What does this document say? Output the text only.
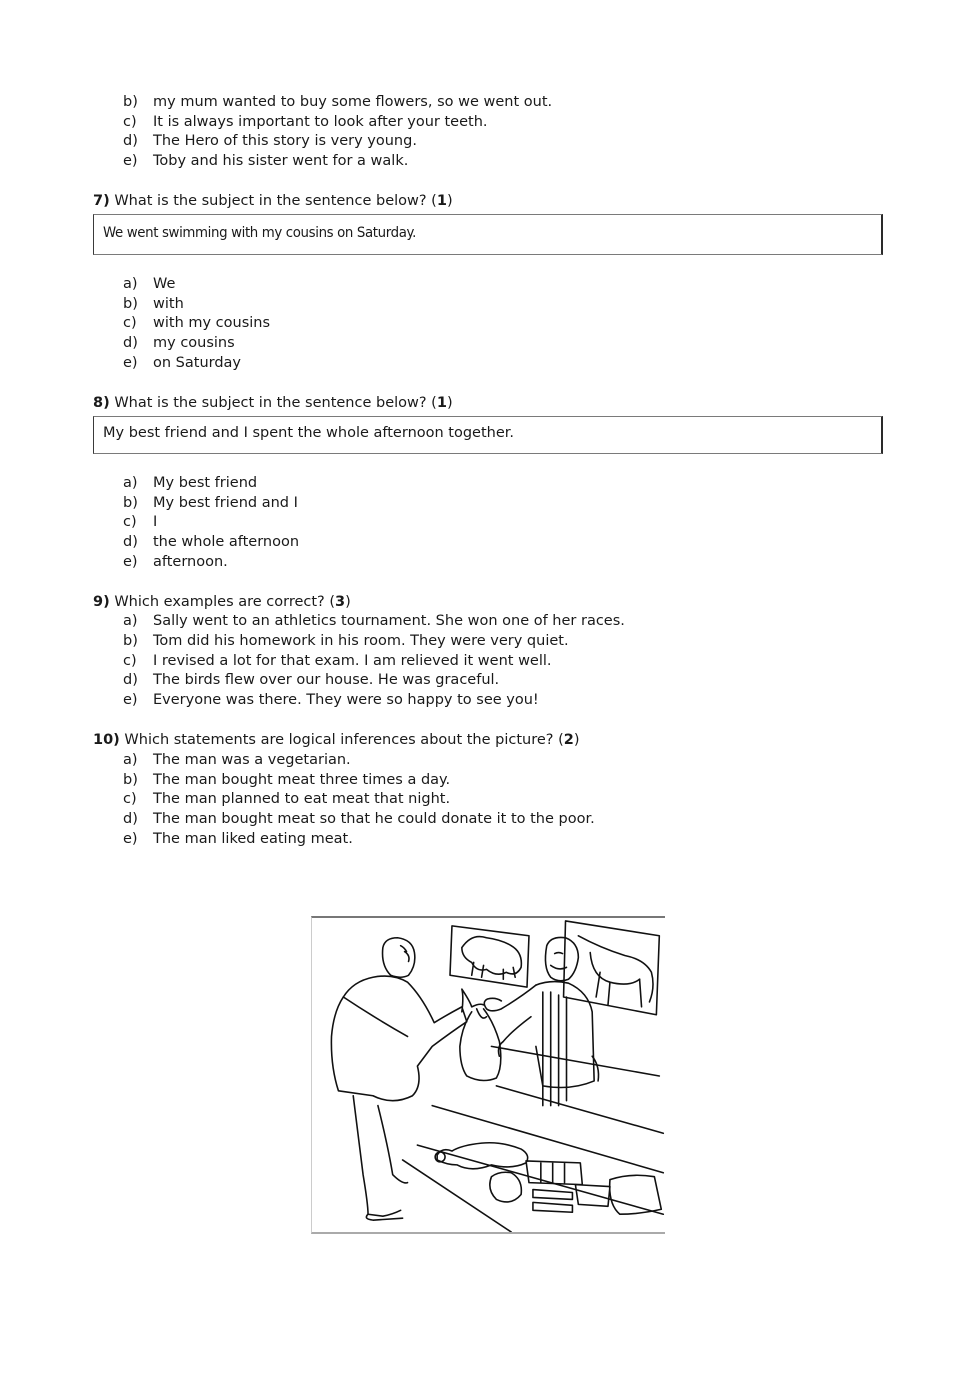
b) my mum wanted to buy some flowers, so we went out.
c) It is always important to look after your teeth.
d) The Hero of this story is very young.
e) Toby and his sister went for a walk.
7) What is the subject in the sentence below? (1)
We went swimming with my cousins on Saturday.
a) We
b) with
c) with my cousins
d) my cousins
e) on Saturday
8) What is the subject in the sentence below? (1)
My best friend and I spent the whole afternoon together.
a) My best friend
b) My best friend and I
c) I
d) the whole afternoon
e) afternoon.
9) Which examples are correct? (3)
a) Sally went to an athletics tournament. She won one of her races.
b) Tom did his homework in his room. They were very quiet.
c) I revised a lot for that exam. I am relieved it went well.
d) The birds flew over our house. He was graceful.
e) Everyone was there. They were so happy to see you!
10) Which statements are logical inferences about the picture? (2)
a) The man was a vegetarian.
b) The man bought meat three times a day.
c) The man planned to eat meat that night.
d) The man bought meat so that he could donate it to the poor.
e) The man liked eating meat.
